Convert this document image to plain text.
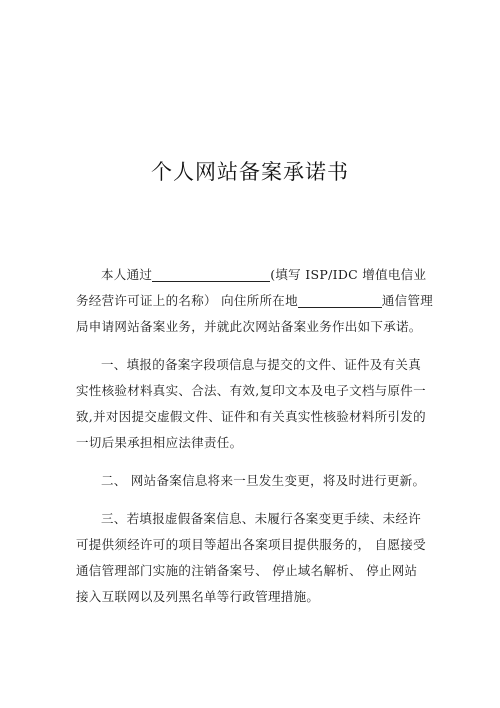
个人网站备案承诺书
本人通过	(填写 ISP/IDC 增值电信业
务经营许可证上的名称） 向住所所在地	通信管理
局申请网站备案业务，并就此次网站备案业务作出如下承诺。
一、填报的备案字段项信息与提交的文件、证件及有关真
实性核验材料真实、合法、有效,复印文本及电子文档与原件一
致,并对因提交虚假文件、证件和有关真实性核验材料所引发的
一切后果承担相应法律责任。
二、 网站备案信息将来一旦发生变更，将及时进行更新。
三、若填报虚假备案信息、未履行各案变更手续、未经许
可提供须经许可的项目等超出各案项目提供服务的， 自愿接受
通信管理部门实施的注销备案号、 停止域名解析、 停止网站
接入互联网以及列黑名单等行政管理措施。
